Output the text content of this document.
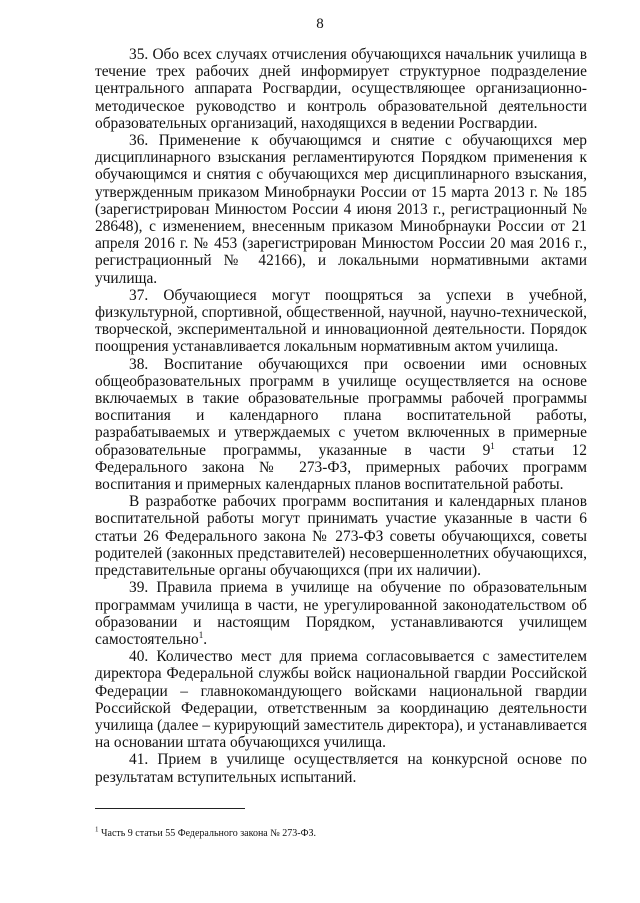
8

35. Обо всех случаях отчисления обучающихся начальник училища в течение трех рабочих дней информирует структурное подразделение центрального аппарата Росгвардии, осуществляющее организационно-методическое руководство и контроль образовательной деятельности образовательных организаций, находящихся в ведении Росгвардии.

36. Применение к обучающимся и снятие с обучающихся мер дисциплинарного взыскания регламентируются Порядком применения к обучающимся и снятия с обучающихся мер дисциплинарного взыскания, утвержденным приказом Минобрнауки России от 15 марта 2013 г. № 185 (зарегистрирован Минюстом России 4 июня 2013 г., регистрационный № 28648), с изменением, внесенным приказом Минобрнауки России от 21 апреля 2016 г. № 453 (зарегистрирован Минюстом России 20 мая 2016 г., регистрационный № 42166), и локальными нормативными актами училища.

37. Обучающиеся могут поощряться за успехи в учебной, физкультурной, спортивной, общественной, научной, научно-технической, творческой, экспериментальной и инновационной деятельности. Порядок поощрения устанавливается локальным нормативным актом училища.

38. Воспитание обучающихся при освоении ими основных общеобразовательных программ в училище осуществляется на основе включаемых в такие образовательные программы рабочей программы воспитания и календарного плана воспитательной работы, разрабатываемых и утверждаемых с учетом включенных в примерные образовательные программы, указанные в части $9^1$ статьи 12 Федерального закона № 273-ФЗ, примерных рабочих программ воспитания и примерных календарных планов воспитательной работы.

В разработке рабочих программ воспитания и календарных планов воспитательной работы могут принимать участие указанные в части 6 статьи 26 Федерального закона № 273-ФЗ советы обучающихся, советы родителей (законных представителей) несовершеннолетних обучающихся, представительные органы обучающихся (при их наличии).

39. Правила приема в училище на обучение по образовательным программам училища в части, не урегулированной законодательством об образовании и настоящим Порядком, устанавливаются училищем самостоятельно$^1$.

40. Количество мест для приема согласовывается с заместителем директора Федеральной службы войск национальной гвардии Российской Федерации – главнокомандующего войсками национальной гвардии Российской Федерации, ответственным за координацию деятельности училища (далее – курирующий заместитель директора), и устанавливается на основании штата обучающихся училища.

41. Прием в училище осуществляется на конкурсной основе по результатам вступительных испытаний.

$^1$ Часть 9 статьи 55 Федерального закона № 273-ФЗ.
